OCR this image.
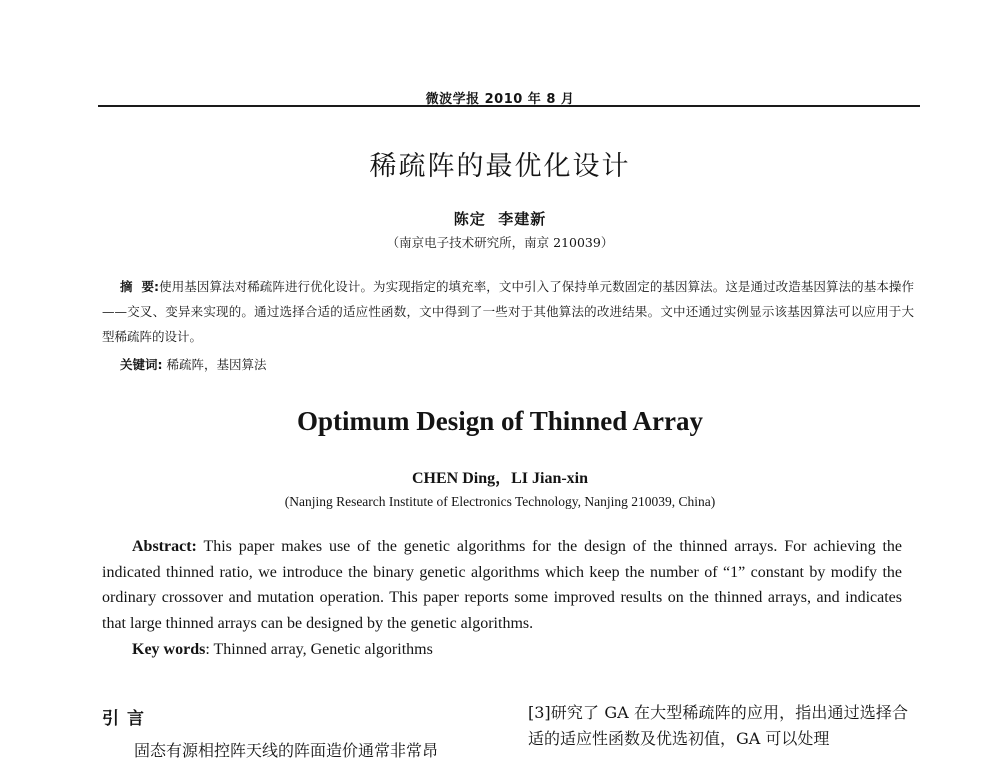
微波学报 2010 年 8 月
稀疏阵的最优化设计
陈定  李建新
（南京电子技术研究所，南京 210039）
摘  要:使用基因算法对稀疏阵进行优化设计。为实现指定的填充率，文中引入了保持单元数固定的基因算法。这是通过改造基因算法的基本操作——交叉、变异来实现的。通过选择合适的适应性函数，文中得到了一些对于其他算法的改进结果。文中还通过实例显示该基因算法可以应用于大型稀疏阵的设计。
关键词: 稀疏阵，基因算法
Optimum Design of Thinned Array
CHEN Ding，LI Jian-xin
(Nanjing Research Institute of Electronics Technology, Nanjing 210039, China)
Abstract: This paper makes use of the genetic algorithms for the design of the thinned arrays. For achieving the indicated thinned ratio, we introduce the binary genetic algorithms which keep the number of “1” constant by modify the ordinary crossover and mutation operation. This paper reports some improved results on the thinned arrays, and indicates that large thinned arrays can be designed by the genetic algorithms.
Key words: Thinned array, Genetic algorithms
引言
固态有源相控阵天线的阵面造价通常非常昂
[3]研究了 GA 在大型稀疏阵的应用，指出通过选择合适的适应性函数及优选初值，GA 可以处理
